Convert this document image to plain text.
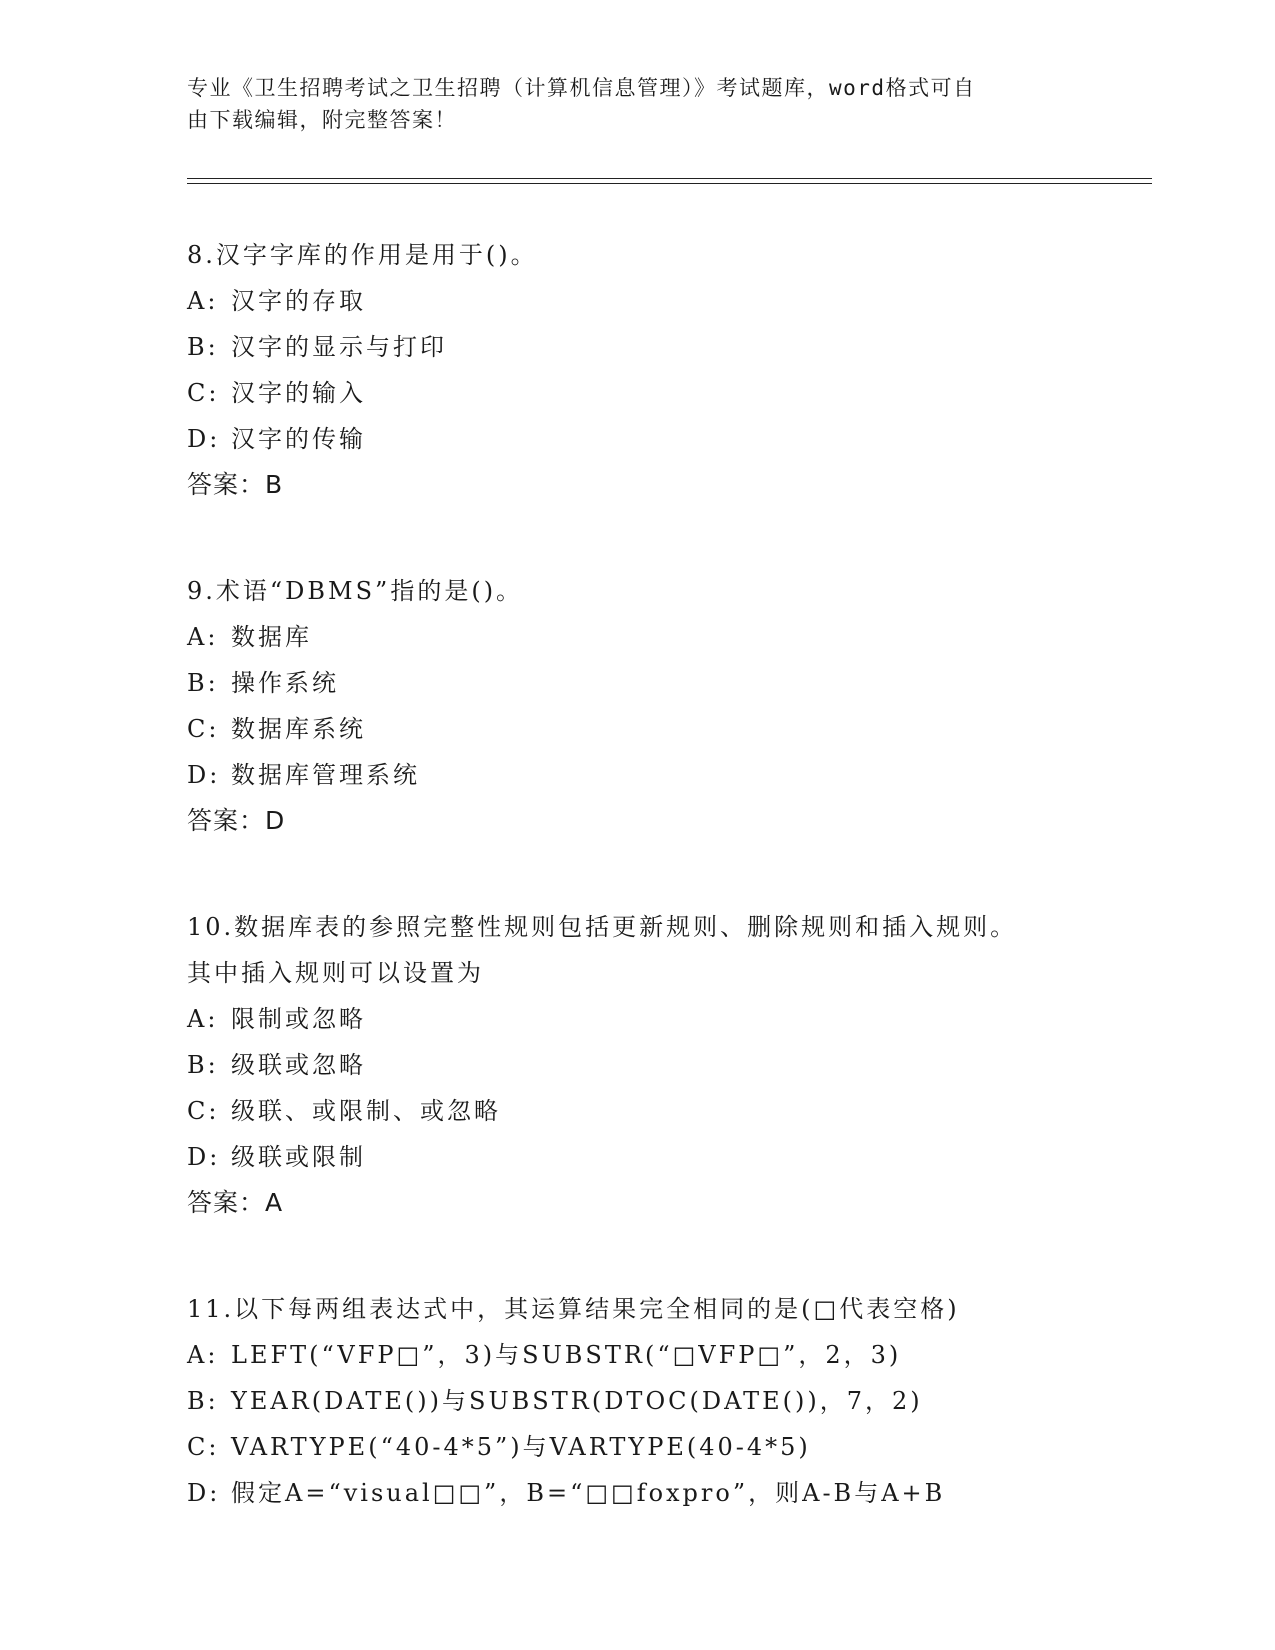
专业《卫生招聘考试之卫生招聘（计算机信息管理）》考试题库，word格式可自
由下载编辑，附完整答案！
8.汉字字库的作用是用于()。
A: 汉字的存取
B: 汉字的显示与打印
C: 汉字的输入
D: 汉字的传输
答案：B
9.术语“DBMS”指的是()。
A: 数据库
B: 操作系统
C: 数据库系统
D: 数据库管理系统
答案：D
10.数据库表的参照完整性规则包括更新规则、删除规则和插入规则。
其中插入规则可以设置为
A: 限制或忽略
B: 级联或忽略
C: 级联、或限制、或忽略
D: 级联或限制
答案：A
11.以下每两组表达式中，其运算结果完全相同的是(□代表空格)
A: LEFT(“VFP□”，3)与SUBSTR(“□VFP□”，2，3)
B: YEAR(DATE())与SUBSTR(DTOC(DATE())，7，2)
C: VARTYPE(“40-4*5”)与VARTYPE(40-4*5)
D: 假定A=“visual□□”，B=“□□foxpro”，则A-B与A+B
